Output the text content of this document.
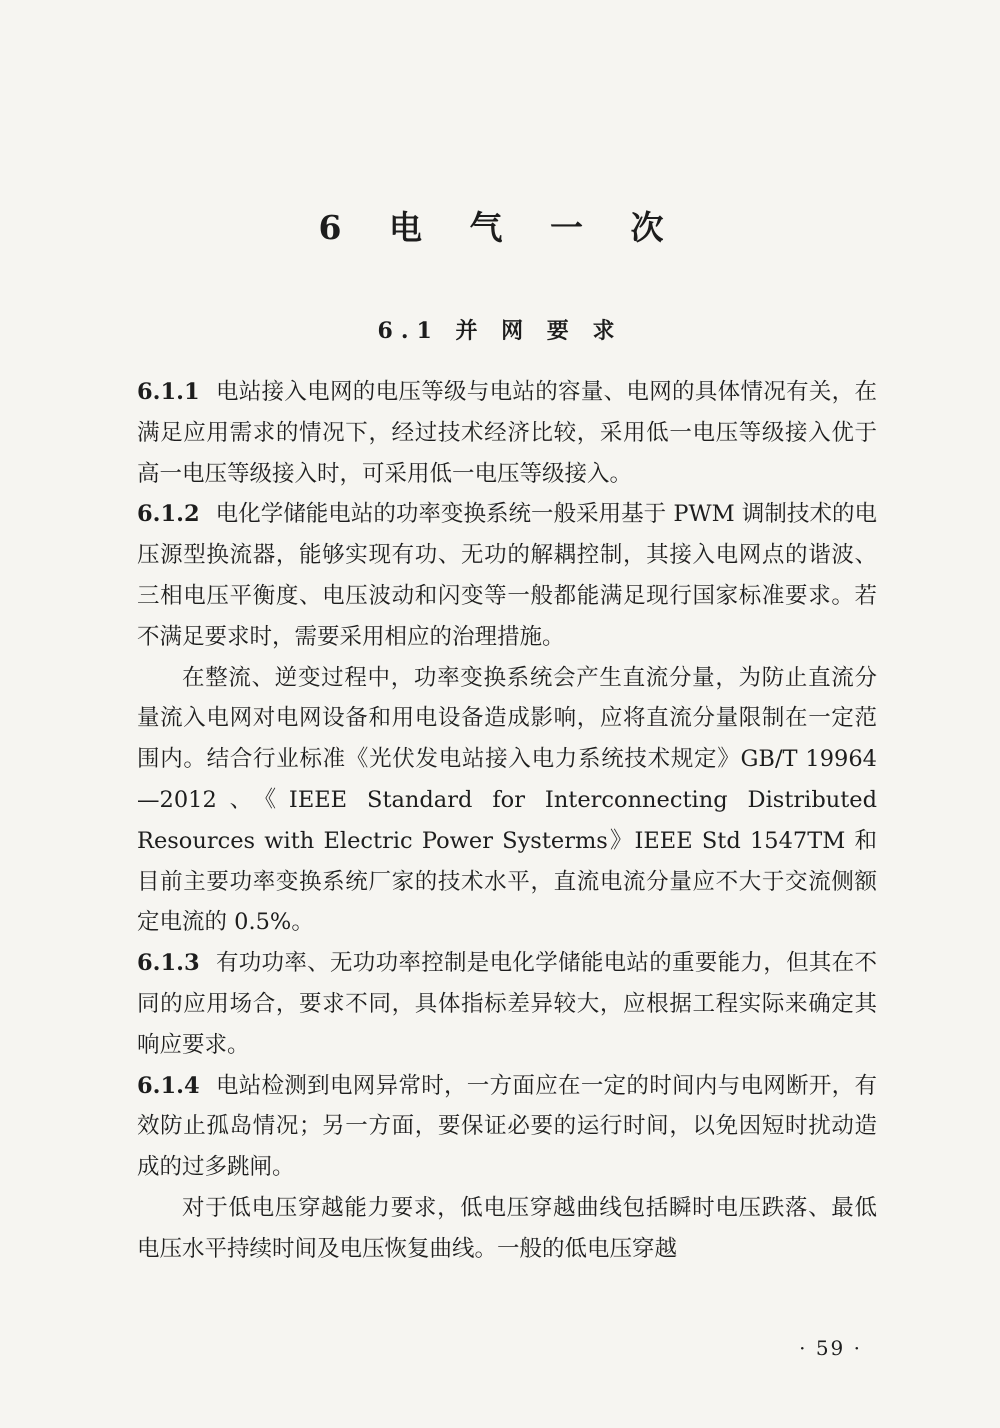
6 电 气 一 次
6.1 并 网 要 求

6.1.1 电站接入电网的电压等级与电站的容量、电网的具体情况有关，在满足应用需求的情况下，经过技术经济比较，采用低一电压等级接入优于高一电压等级接入时，可采用低一电压等级接入。

6.1.2 电化学储能电站的功率变换系统一般采用基于 PWM 调制技术的电压源型换流器，能够实现有功、无功的解耦控制，其接入电网点的谐波、三相电压平衡度、电压波动和闪变等一般都能满足现行国家标准要求。若不满足要求时，需要采用相应的治理措施。

在整流、逆变过程中，功率变换系统会产生直流分量，为防止直流分量流入电网对电网设备和用电设备造成影响，应将直流分量限制在一定范围内。结合行业标准《光伏发电站接入电力系统技术规定》GB/T 19964—2012、《IEEE Standard for Interconnecting Distributed Resources with Electric Power Systerms》IEEE Std 1547TM 和目前主要功率变换系统厂家的技术水平，直流电流分量应不大于交流侧额定电流的 0.5%。

6.1.3 有功功率、无功功率控制是电化学储能电站的重要能力，但其在不同的应用场合，要求不同，具体指标差异较大，应根据工程实际来确定其响应要求。

6.1.4 电站检测到电网异常时，一方面应在一定的时间内与电网断开，有效防止孤岛情况；另一方面，要保证必要的运行时间，以免因短时扰动造成的过多跳闸。

对于低电压穿越能力要求，低电压穿越曲线包括瞬时电压跌落、最低电压水平持续时间及电压恢复曲线。一般的低电压穿越

· 59 ·
